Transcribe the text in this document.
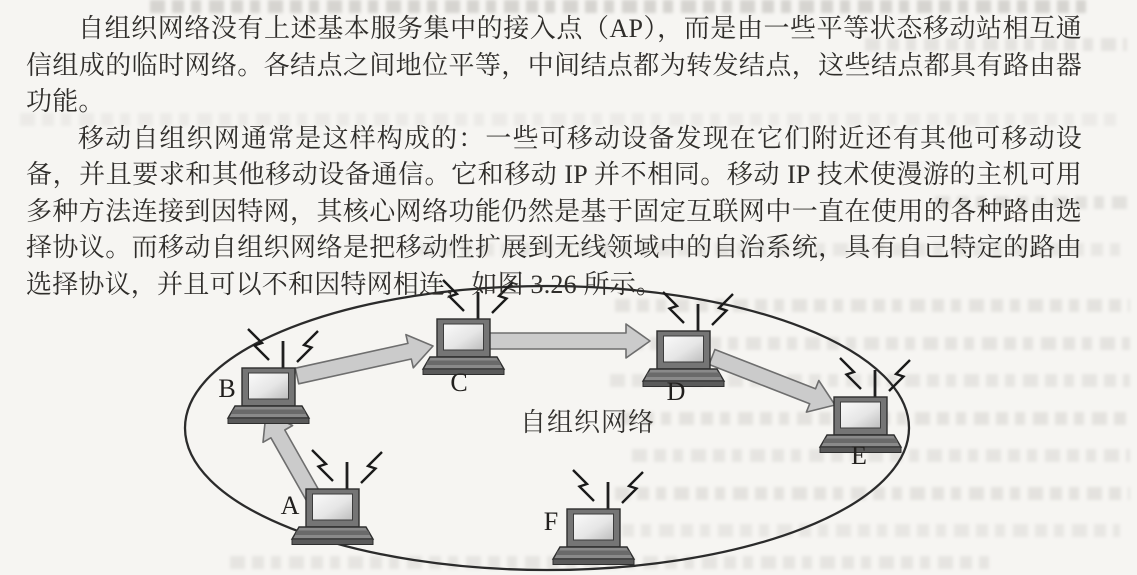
自组织网络没有上述基本服务集中的接入点（AP），而是由一些平等状态移动站相互通信组成的临时网络。各结点之间地位平等，中间结点都为转发结点，这些结点都具有路由器功能。

移动自组织网通常是这样构成的：一些可移动设备发现在它们附近还有其他可移动设备，并且要求和其他移动设备通信。它和移动 IP 并不相同。移动 IP 技术使漫游的主机可用多种方法连接到因特网，其核心网络功能仍然是基于固定互联网中一直在使用的各种路由选择协议。而移动自组织网络是把移动性扩展到无线领域中的自治系统，具有自己特定的路由选择协议，并且可以不和因特网相连，如图 3.26 所示。

A
B	C	D
E
F
自组织网络
